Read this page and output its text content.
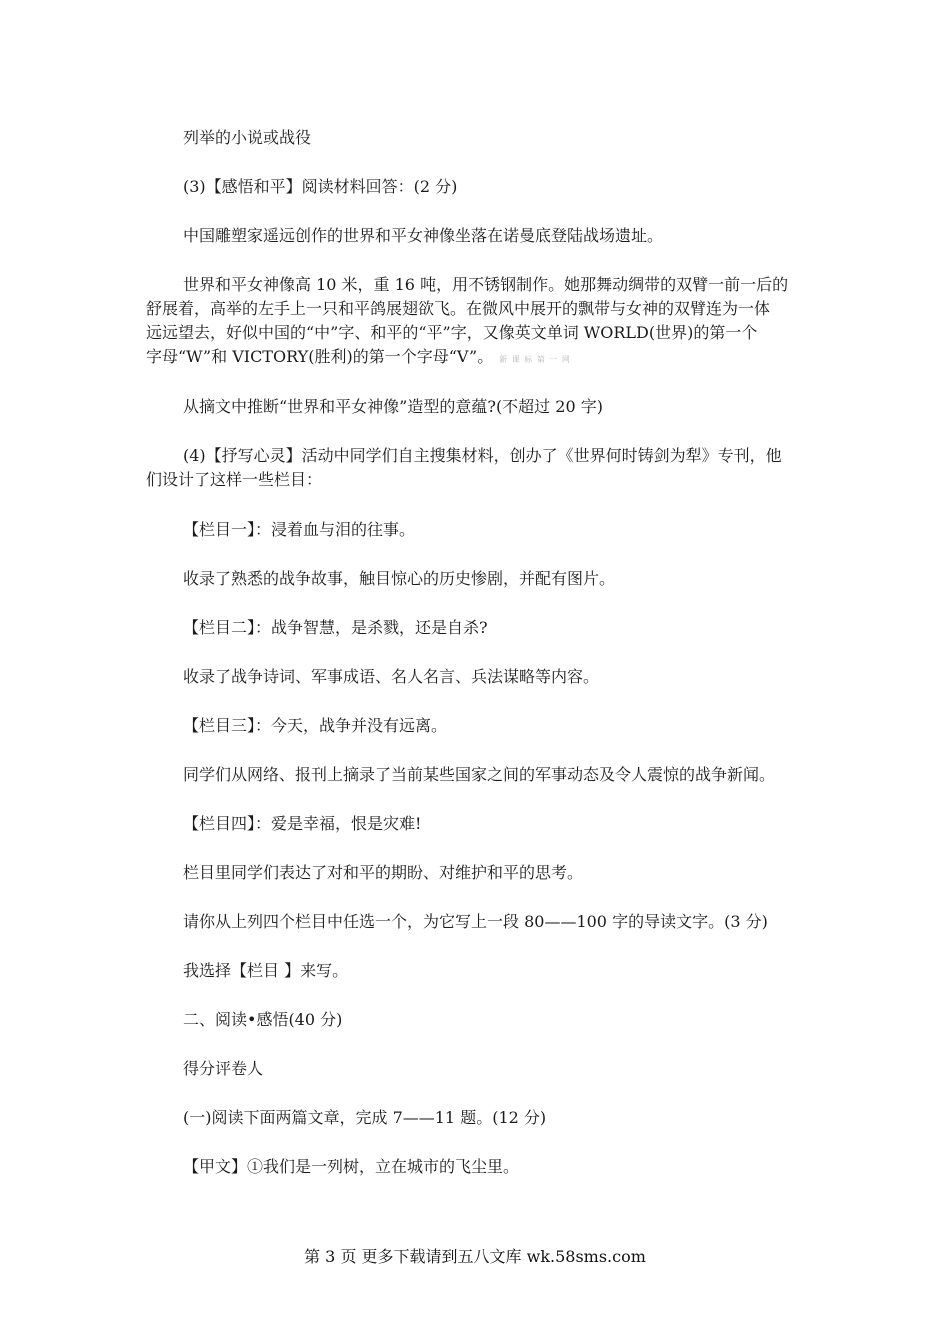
列举的小说或战役

(3)【感悟和平】阅读材料回答：(2 分)

中国雕塑家遥远创作的世界和平女神像坐落在诺曼底登陆战场遗址。

世界和平女神像高 10 米，重 16 吨，用不锈钢制作。她那舞动绸带的双臂一前一后的
舒展着，高举的左手上一只和平鸽展翅欲飞。在微风中展开的飘带与女神的双臂连为一体
远远望去，好似中国的“中”字、和平的“平”字，又像英文单词 WORLD(世界)的第一个
字母“W”和 VICTORY(胜利)的第一个字母“V”。 新 课 标 第 一 网

从摘文中推断“世界和平女神像”造型的意蕴?(不超过 20 字)

(4)【抒写心灵】活动中同学们自主搜集材料，创办了《世界何时铸剑为犁》专刊，他
们设计了这样一些栏目：

【栏目一】：浸着血与泪的往事。

收录了熟悉的战争故事，触目惊心的历史惨剧，并配有图片。

【栏目二】：战争智慧，是杀戮，还是自杀?

收录了战争诗词、军事成语、名人名言、兵法谋略等内容。

【栏目三】：今天，战争并没有远离。

同学们从网络、报刊上摘录了当前某些国家之间的军事动态及令人震惊的战争新闻。

【栏目四】：爱是幸福，恨是灾难!

栏目里同学们表达了对和平的期盼、对维护和平的思考。

请你从上列四个栏目中任选一个，为它写上一段 80——100 字的导读文字。(3 分)

我选择【栏目 】来写。

二、阅读•感悟(40 分)

得分评卷人

(一)阅读下面两篇文章，完成 7——11 题。(12 分)

【甲文】①我们是一列树，立在城市的飞尘里。

第 3 页 更多下载请到五八文库 wk.58sms.com
